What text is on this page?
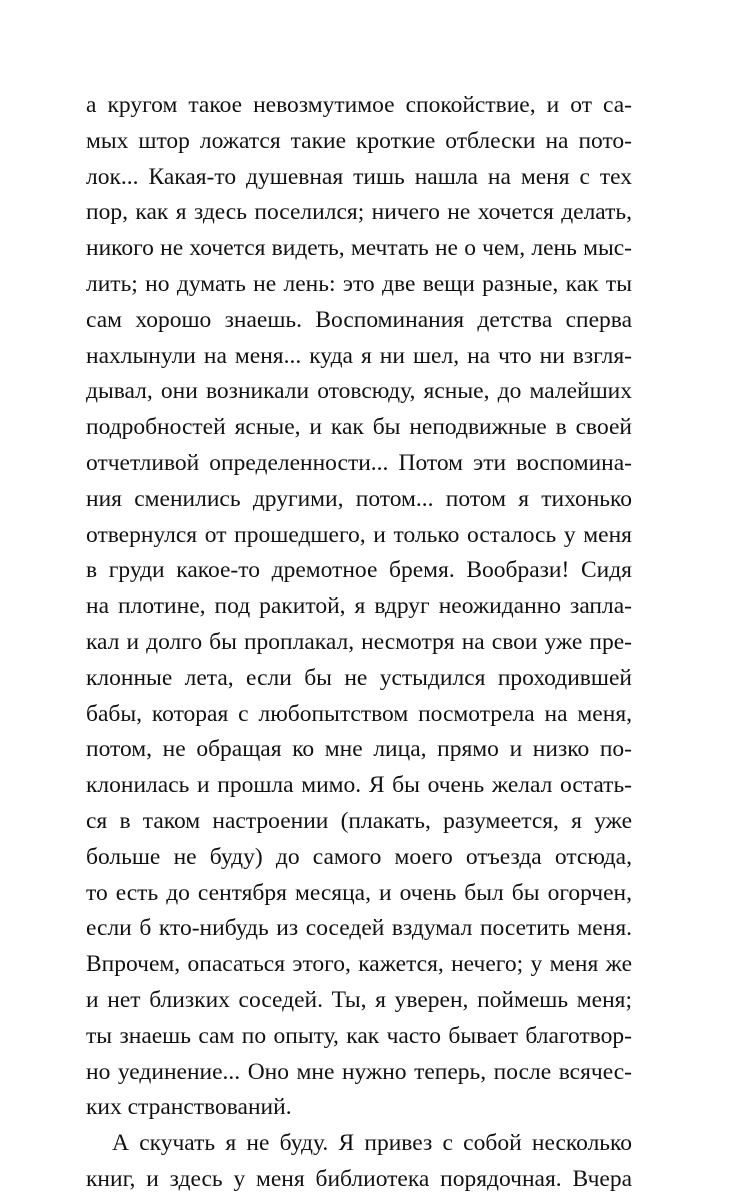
а кругом такое невозмутимое спокойствие, и от са-
мых штор ложатся такие кроткие отблески на пото-
лок... Какая-то душевная тишь нашла на меня с тех
пор, как я здесь поселился; ничего не хочется делать,
никого не хочется видеть, мечтать не о чем, лень мыс-
лить; но думать не лень: это две вещи разные, как ты
сам хорошо знаешь. Воспоминания детства сперва
нахлынули на меня... куда я ни шел, на что ни взгля-
дывал, они возникали отовсюду, ясные, до малейших
подробностей ясные, и как бы неподвижные в своей
отчетливой определенности... Потом эти воспомина-
ния сменились другими, потом... потом я тихонько
отвернулся от прошедшего, и только осталось у меня
в груди какое-то дремотное бремя. Вообрази! Сидя
на плотине, под ракитой, я вдруг неожиданно запла-
кал и долго бы проплакал, несмотря на свои уже пре-
клонные лета, если бы не устыдился проходившей
бабы, которая с любопытством посмотрела на меня,
потом, не обращая ко мне лица, прямо и низко по-
клонилась и прошла мимо. Я бы очень желал остать-
ся в таком настроении (плакать, разумеется, я уже
больше не буду) до самого моего отъезда отсюда,
то есть до сентября месяца, и очень был бы огорчен,
если б кто-нибудь из соседей вздумал посетить меня.
Впрочем, опасаться этого, кажется, нечего; у меня же
и нет близких соседей. Ты, я уверен, поймешь меня;
ты знаешь сам по опыту, как часто бывает благотвор-
но уединение... Оно мне нужно теперь, после всячес-
ких странствований.
А скучать я не буду. Я привез с собой несколько
книг, и здесь у меня библиотека порядочная. Вчера
